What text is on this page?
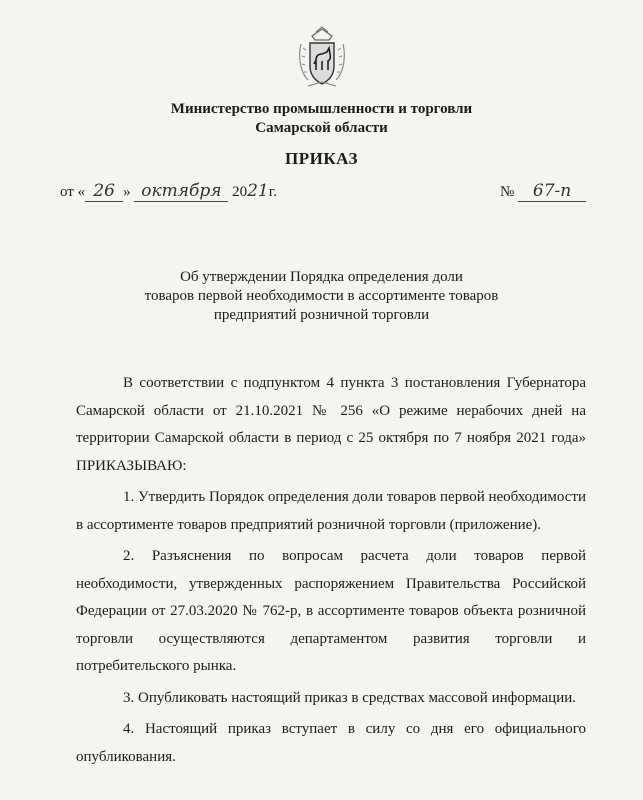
Министерство промышленности и торговли
Самарской области
ПРИКАЗ
от « 26 » октября 2021г.	№ 67-п
Об утверждении Порядка определения доли
товаров первой необходимости в ассортименте товаров
предприятий розничной торговли

В соответствии с подпунктом 4 пункта 3 постановления Губернатора Самарской области от 21.10.2021 № 256 «О режиме нерабочих дней на территории Самарской области в период с 25 октября по 7 ноября 2021 года» ПРИКАЗЫВАЮ:

1. Утвердить Порядок определения доли товаров первой необходимости в ассортименте товаров предприятий розничной торговли (приложение).

2. Разъяснения по вопросам расчета доли товаров первой необходимости, утвержденных распоряжением Правительства Российской Федерации от 27.03.2020 № 762-р, в ассортименте товаров объекта розничной торговли осуществляются департаментом развития торговли и потребительского рынка.

3. Опубликовать настоящий приказ в средствах массовой информации.

4. Настоящий приказ вступает в силу со дня его официального опубликования.
